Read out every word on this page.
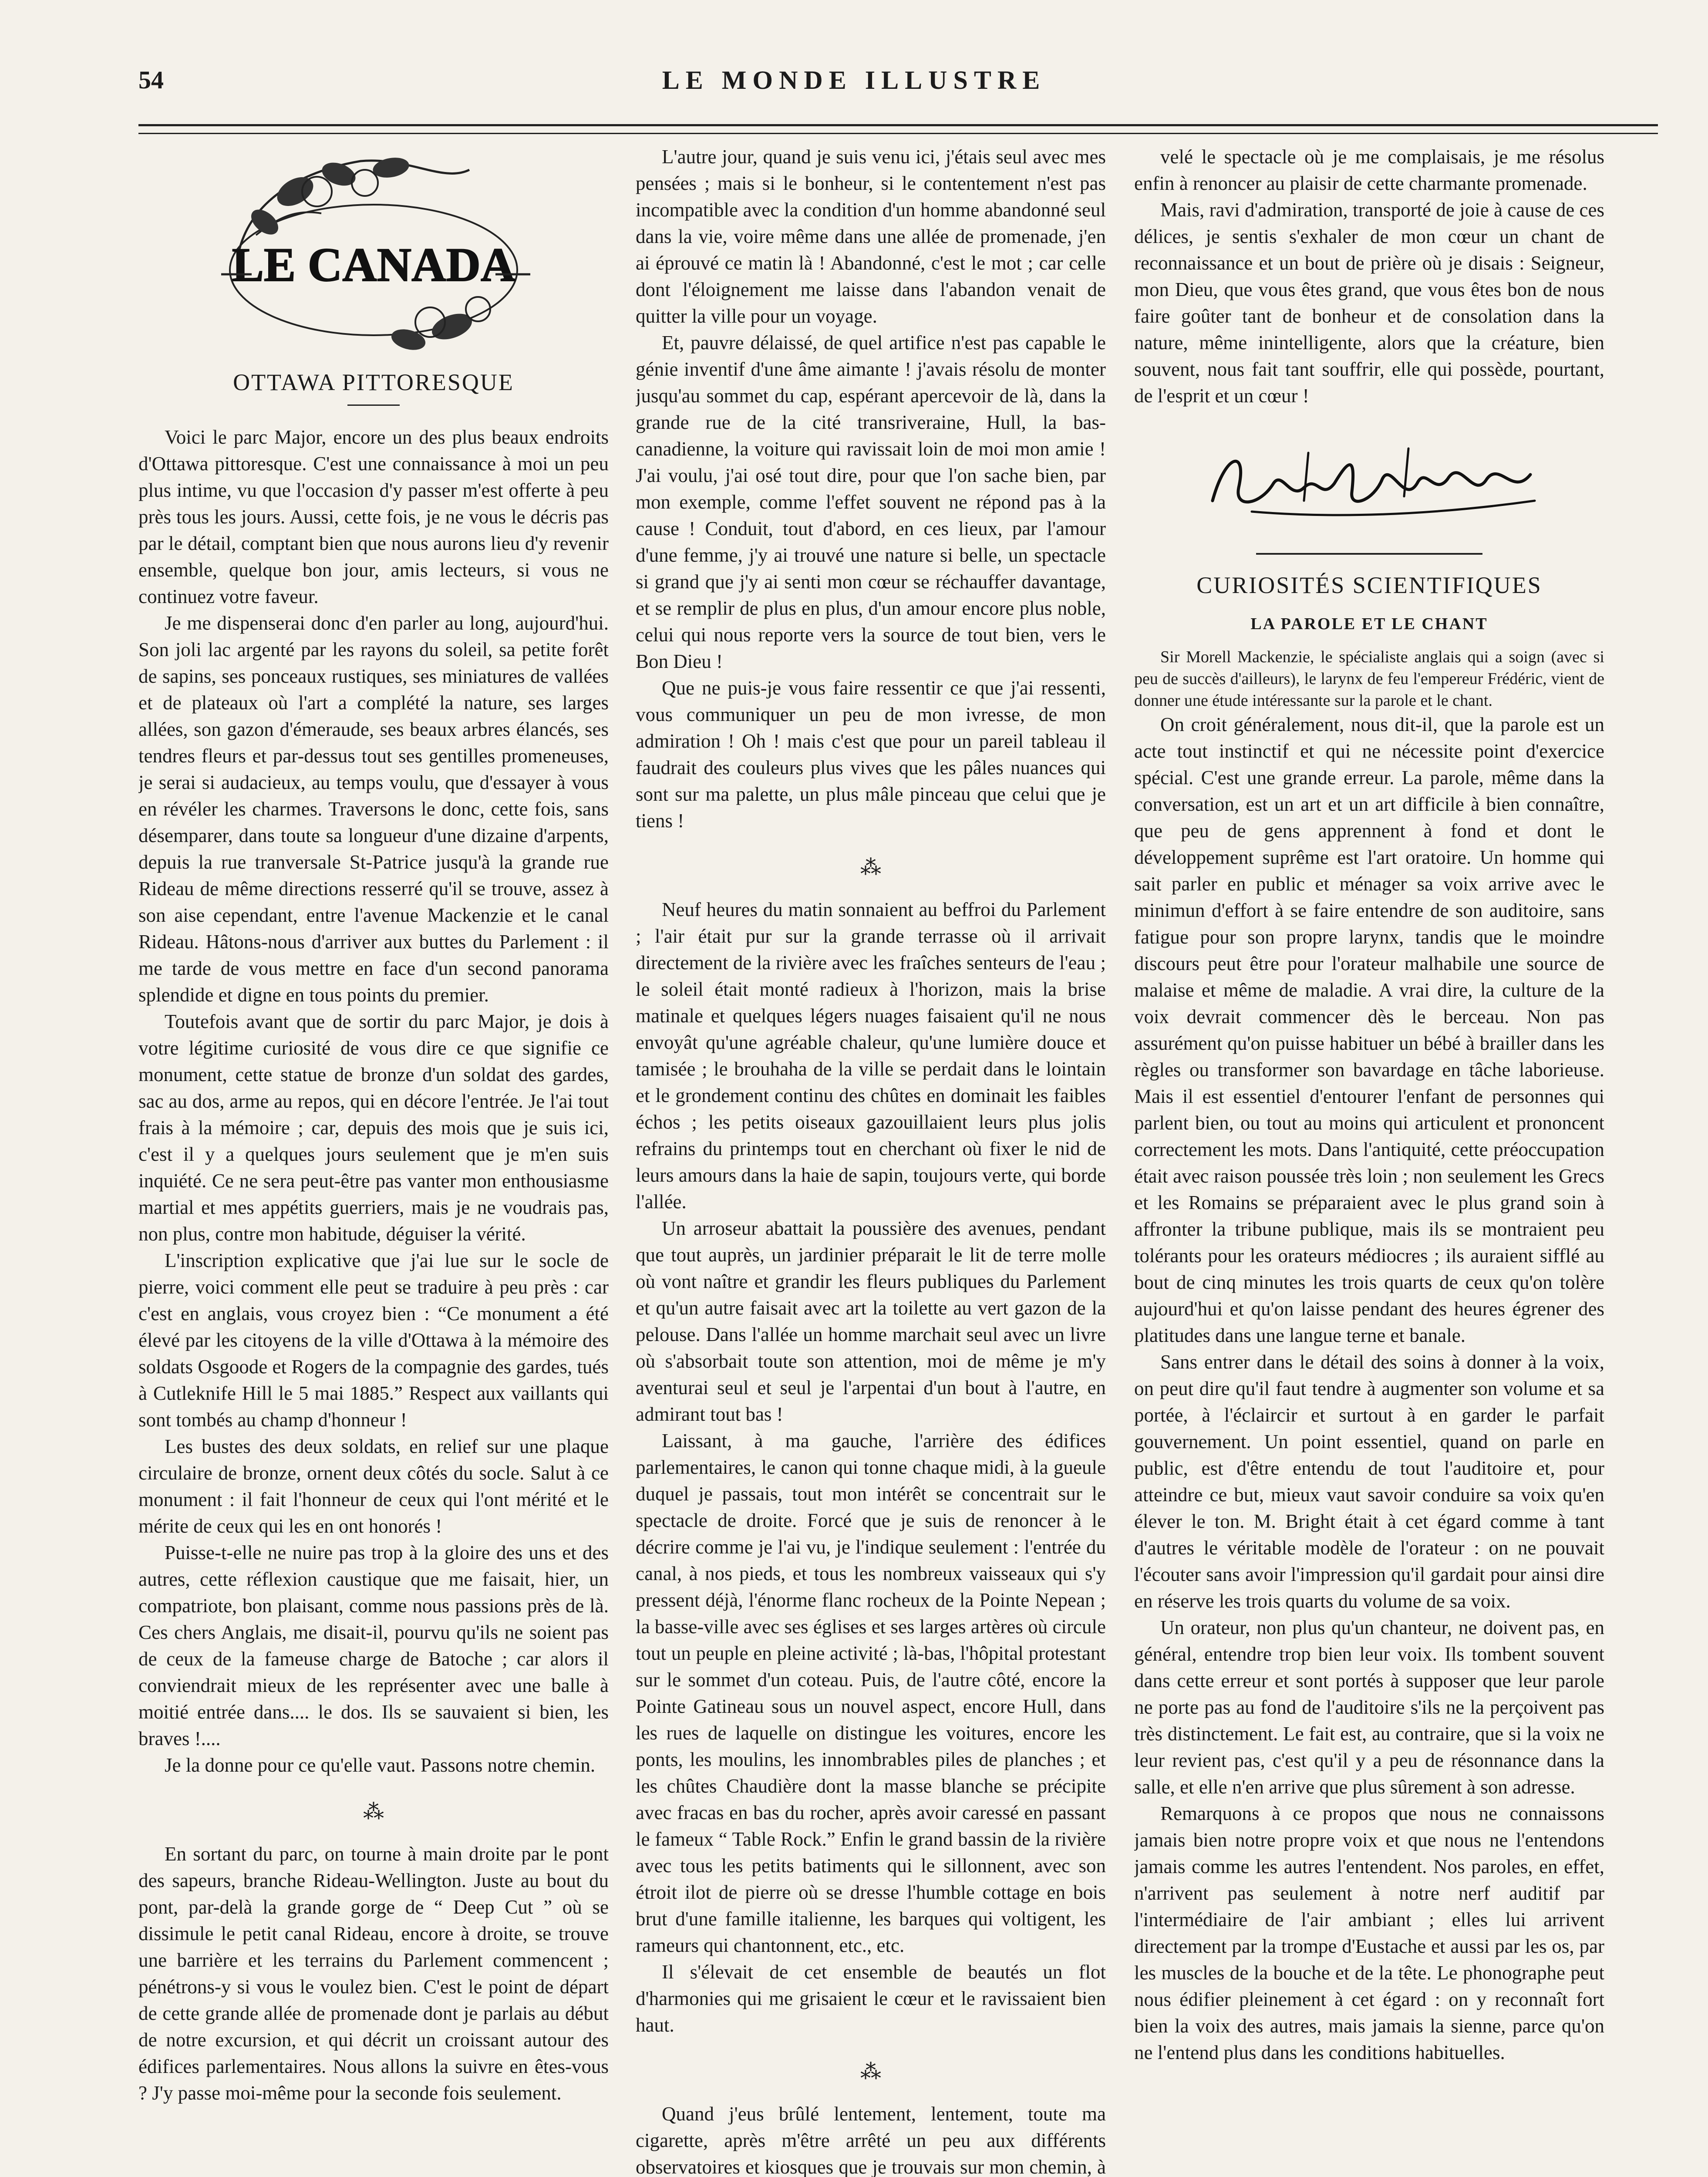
54	LE MONDE ILLUSTRE
LE CANADA
OTTAWA PITTORESQUE

Voici le parc Major, encore un des plus beaux endroits d'Ottawa pittoresque. C'est une connaissance à moi un peu plus intime, vu que l'occasion d'y passer m'est offerte à peu près tous les jours. Aussi, cette fois, je ne vous le décris pas par le détail, comptant bien que nous aurons lieu d'y revenir ensemble, quelque bon jour, amis lecteurs, si vous ne continuez votre faveur.

Je me dispenserai donc d'en parler au long, aujourd'hui. Son joli lac argenté par les rayons du soleil, sa petite forêt de sapins, ses ponceaux rustiques, ses miniatures de vallées et de plateaux où l'art a complété la nature, ses larges allées, son gazon d'émeraude, ses beaux arbres élancés, ses tendres fleurs et par-dessus tout ses gentilles promeneuses, je serai si audacieux, au temps voulu, que d'essayer à vous en révéler les charmes. Traversons le donc, cette fois, sans désemparer, dans toute sa longueur d'une dizaine d'arpents, depuis la rue tranversale St-Patrice jusqu'à la grande rue Rideau de même directions resserré qu'il se trouve, assez à son aise cependant, entre l'avenue Mackenzie et le canal Rideau. Hâtons-nous d'arriver aux buttes du Parlement : il me tarde de vous mettre en face d'un second panorama splendide et digne en tous points du premier.

Toutefois avant que de sortir du parc Major, je dois à votre légitime curiosité de vous dire ce que signifie ce monument, cette statue de bronze d'un soldat des gardes, sac au dos, arme au repos, qui en décore l'entrée. Je l'ai tout frais à la mémoire ; car, depuis des mois que je suis ici, c'est il y a quelques jours seulement que je m'en suis inquiété. Ce ne sera peut-être pas vanter mon enthousiasme martial et mes appétits guerriers, mais je ne voudrais pas, non plus, contre mon habitude, déguiser la vérité.

L'inscription explicative que j'ai lue sur le socle de pierre, voici comment elle peut se traduire à peu près : car c'est en anglais, vous croyez bien : “Ce monument a été élevé par les citoyens de la ville d'Ottawa à la mémoire des soldats Osgoode et Rogers de la compagnie des gardes, tués à Cutleknife Hill le 5 mai 1885.” Respect aux vaillants qui sont tombés au champ d'honneur !

Les bustes des deux soldats, en relief sur une plaque circulaire de bronze, ornent deux côtés du socle. Salut à ce monument : il fait l'honneur de ceux qui l'ont mérité et le mérite de ceux qui les en ont honorés !

Puisse-t-elle ne nuire pas trop à la gloire des uns et des autres, cette réflexion caustique que me faisait, hier, un compatriote, bon plaisant, comme nous passions près de là. Ces chers Anglais, me disait-il, pourvu qu'ils ne soient pas de ceux de la fameuse charge de Batoche ; car alors il conviendrait mieux de les représenter avec une balle à moitié entrée dans.... le dos. Ils se sauvaient si bien, les braves !....

Je la donne pour ce qu'elle vaut. Passons notre chemin.

⁂

En sortant du parc, on tourne à main droite par le pont des sapeurs, branche Rideau-Wellington. Juste au bout du pont, par-delà la grande gorge de “ Deep Cut ” où se dissimule le petit canal Rideau, encore à droite, se trouve une barrière et les terrains du Parlement commencent ; pénétrons-y si vous le voulez bien. C'est le point de départ de cette grande allée de promenade dont je parlais au début de notre excursion, et qui décrit un croissant autour des édifices parlementaires. Nous allons la suivre en êtes-vous ? J'y passe moi-même pour la seconde fois seulement.

L'autre jour, quand je suis venu ici, j'étais seul avec mes pensées ; mais si le bonheur, si le contentement n'est pas incompatible avec la condition d'un homme abandonné seul dans la vie, voire même dans une allée de promenade, j'en ai éprouvé ce matin là ! Abandonné, c'est le mot ; car celle dont l'éloignement me laisse dans l'abandon venait de quitter la ville pour un voyage.

Et, pauvre délaissé, de quel artifice n'est pas capable le génie inventif d'une âme aimante ! j'avais résolu de monter jusqu'au sommet du cap, espérant apercevoir de là, dans la grande rue de la cité transriveraine, Hull, la bas-canadienne, la voiture qui ravissait loin de moi mon amie ! J'ai voulu, j'ai osé tout dire, pour que l'on sache bien, par mon exemple, comme l'effet souvent ne répond pas à la cause ! Conduit, tout d'abord, en ces lieux, par l'amour d'une femme, j'y ai trouvé une nature si belle, un spectacle si grand que j'y ai senti mon cœur se réchauffer davantage, et se remplir de plus en plus, d'un amour encore plus noble, celui qui nous reporte vers la source de tout bien, vers le Bon Dieu !

Que ne puis-je vous faire ressentir ce que j'ai ressenti, vous communiquer un peu de mon ivresse, de mon admiration ! Oh ! mais c'est que pour un pareil tableau il faudrait des couleurs plus vives que les pâles nuances qui sont sur ma palette, un plus mâle pinceau que celui que je tiens !

⁂

Neuf heures du matin sonnaient au beffroi du Parlement ; l'air était pur sur la grande terrasse où il arrivait directement de la rivière avec les fraîches senteurs de l'eau ; le soleil était monté radieux à l'horizon, mais la brise matinale et quelques légers nuages faisaient qu'il ne nous envoyât qu'une agréable chaleur, qu'une lumière douce et tamisée ; le brouhaha de la ville se perdait dans le lointain et le grondement continu des chûtes en dominait les faibles échos ; les petits oiseaux gazouillaient leurs plus jolis refrains du printemps tout en cherchant où fixer le nid de leurs amours dans la haie de sapin, toujours verte, qui borde l'allée.

Un arroseur abattait la poussière des avenues, pendant que tout auprès, un jardinier préparait le lit de terre molle où vont naître et grandir les fleurs publiques du Parlement et qu'un autre faisait avec art la toilette au vert gazon de la pelouse. Dans l'allée un homme marchait seul avec un livre où s'absorbait toute son attention, moi de même je m'y aventurai seul et seul je l'arpentai d'un bout à l'autre, en admirant tout bas !

Laissant, à ma gauche, l'arrière des édifices parlementaires, le canon qui tonne chaque midi, à la gueule duquel je passais, tout mon intérêt se concentrait sur le spectacle de droite. Forcé que je suis de renoncer à le décrire comme je l'ai vu, je l'indique seulement : l'entrée du canal, à nos pieds, et tous les nombreux vaisseaux qui s'y pressent déjà, l'énorme flanc rocheux de la Pointe Nepean ; la basse-ville avec ses églises et ses larges artères où circule tout un peuple en pleine activité ; là-bas, l'hôpital protestant sur le sommet d'un coteau. Puis, de l'autre côté, encore la Pointe Gatineau sous un nouvel aspect, encore Hull, dans les rues de laquelle on distingue les voitures, encore les ponts, les moulins, les innombrables piles de planches ; et les chûtes Chaudière dont la masse blanche se précipite avec fracas en bas du rocher, après avoir caressé en passant le fameux “ Table Rock.” Enfin le grand bassin de la rivière avec tous les petits batiments qui le sillonnent, avec son étroit ilot de pierre où se dresse l'humble cottage en bois brut d'une famille italienne, les barques qui voltigent, les rameurs qui chantonnent, etc., etc.

Il s'élevait de cet ensemble de beautés un flot d'harmonies qui me grisaient le cœur et le ravissaient bien haut.

⁂

Quand j'eus brûlé lentement, lentement, toute ma cigarette, après m'être arrêté un peu aux différents observatoires et kiosques que je trouvais sur mon chemin, à

velé le spectacle où je me complaisais, je me résolus enfin à renoncer au plaisir de cette charmante promenade.

Mais, ravi d'admiration, transporté de joie à cause de ces délices, je sentis s'exhaler de mon cœur un chant de reconnaissance et un bout de prière où je disais : Seigneur, mon Dieu, que vous êtes grand, que vous êtes bon de nous faire goûter tant de bonheur et de consolation dans la nature, même inintelligente, alors que la créature, bien souvent, nous fait tant souffrir, elle qui possède, pourtant, de l'esprit et un cœur !

CURIOSITÉS SCIENTIFIQUES
LA PAROLE ET LE CHANT

Sir Morell Mackenzie, le spécialiste anglais qui a soign (avec si peu de succès d'ailleurs), le larynx de feu l'empereur Frédéric, vient de donner une étude intéressante sur la parole et le chant.

On croit généralement, nous dit-il, que la parole est un acte tout instinctif et qui ne nécessite point d'exercice spécial. C'est une grande erreur. La parole, même dans la conversation, est un art et un art difficile à bien connaître, que peu de gens apprennent à fond et dont le développement suprême est l'art oratoire. Un homme qui sait parler en public et ménager sa voix arrive avec le minimun d'effort à se faire entendre de son auditoire, sans fatigue pour son propre larynx, tandis que le moindre discours peut être pour l'orateur malhabile une source de malaise et même de maladie. A vrai dire, la culture de la voix devrait commencer dès le berceau. Non pas assurément qu'on puisse habituer un bébé à brailler dans les règles ou transformer son bavardage en tâche laborieuse. Mais il est essentiel d'entourer l'enfant de personnes qui parlent bien, ou tout au moins qui articulent et prononcent correctement les mots. Dans l'antiquité, cette préoccupation était avec raison poussée très loin ; non seulement les Grecs et les Romains se préparaient avec le plus grand soin à affronter la tribune publique, mais ils se montraient peu tolérants pour les orateurs médiocres ; ils auraient sifflé au bout de cinq minutes les trois quarts de ceux qu'on tolère aujourd'hui et qu'on laisse pendant des heures égrener des platitudes dans une langue terne et banale.

Sans entrer dans le détail des soins à donner à la voix, on peut dire qu'il faut tendre à augmenter son volume et sa portée, à l'éclaircir et surtout à en garder le parfait gouvernement. Un point essentiel, quand on parle en public, est d'être entendu de tout l'auditoire et, pour atteindre ce but, mieux vaut savoir conduire sa voix qu'en élever le ton. M. Bright était à cet égard comme à tant d'autres le véritable modèle de l'orateur : on ne pouvait l'écouter sans avoir l'impression qu'il gardait pour ainsi dire en réserve les trois quarts du volume de sa voix.

Un orateur, non plus qu'un chanteur, ne doivent pas, en général, entendre trop bien leur voix. Ils tombent souvent dans cette erreur et sont portés à supposer que leur parole ne porte pas au fond de l'auditoire s'ils ne la perçoivent pas très distinctement. Le fait est, au contraire, que si la voix ne leur revient pas, c'est qu'il y a peu de résonnance dans la salle, et elle n'en arrive que plus sûrement à son adresse.

Remarquons à ce propos que nous ne connaissons jamais bien notre propre voix et que nous ne l'entendons jamais comme les autres l'entendent. Nos paroles, en effet, n'arrivent pas seulement à notre nerf auditif par l'intermédiaire de l'air ambiant ; elles lui arrivent directement par la trompe d'Eustache et aussi par les os, par les muscles de la bouche et de la tête. Le phonographe peut nous édifier pleinement à cet égard : on y reconnaît fort bien la voix des autres, mais jamais la sienne, parce qu'on ne l'entend plus dans les conditions habituelles.
